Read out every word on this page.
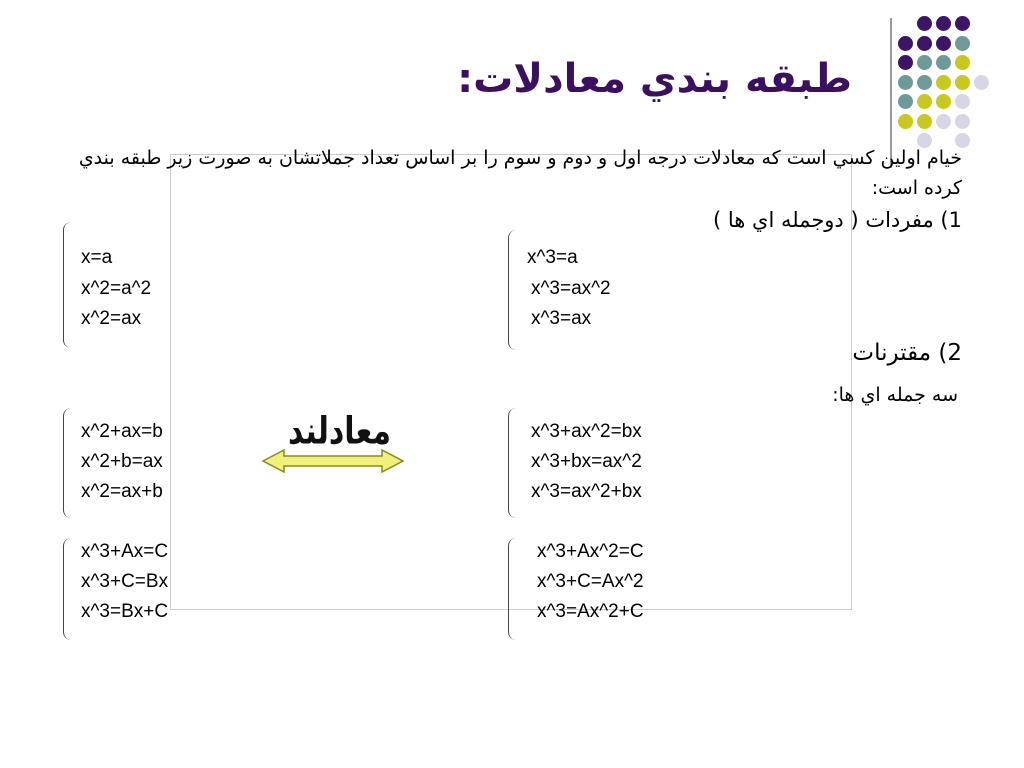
طبقه بندي معادلات:
خيام اولين کسي است که معادلات درجه اول و دوم و سوم را بر اساس تعداد جملاتشان به صورت زير طبقه بندي کرده است:
1) مفردات ( دوجمله اي ها )
2) مقترنات
سه جمله اي ها:
x=a
x^2=a^2
x^2=ax
x^3=a
x^3=ax^2
x^3=ax
x^2+ax=b
x^2+b=ax
x^2=ax+b
x^3+ax^2=bx
x^3+bx=ax^2
x^3=ax^2+bx
x^3+Ax=C
x^3+C=Bx
x^3=Bx+C
x^3+Ax^2=C
x^3+C=Ax^2
x^3=Ax^2+C
معادلند
